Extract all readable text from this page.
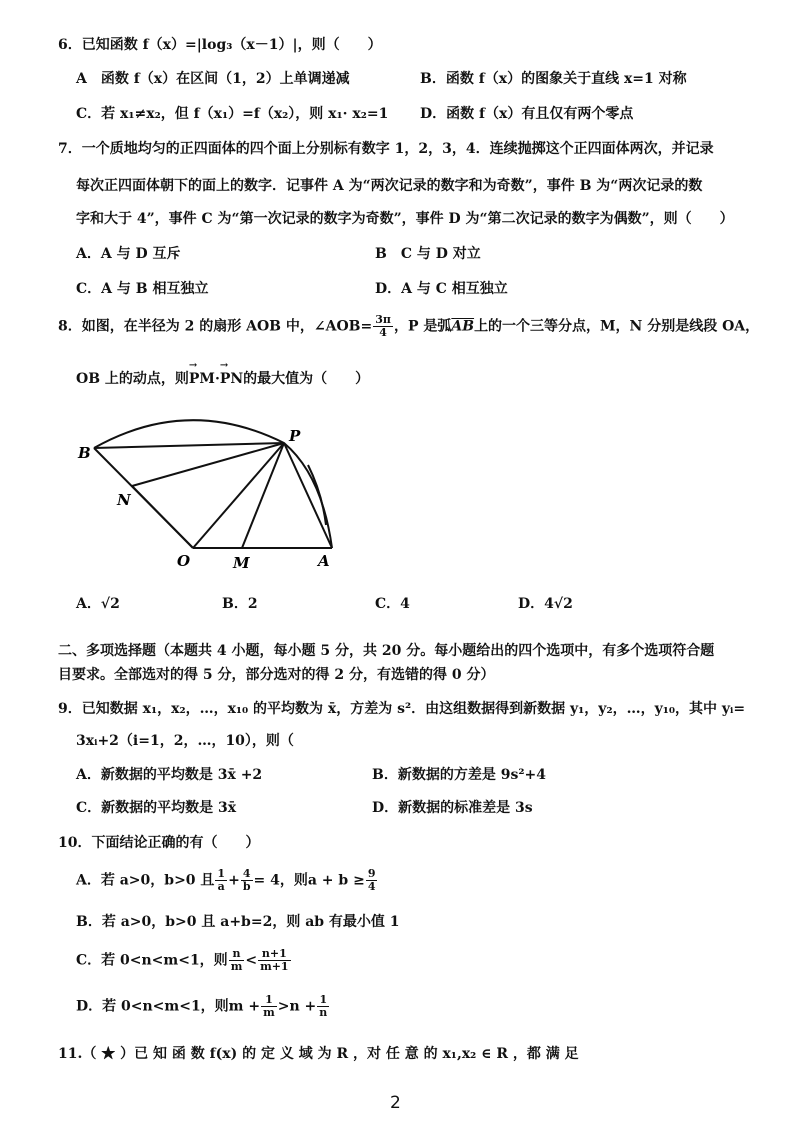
6．已知函数 f（x）=|log₃（x－1）|，则（　　）
A　函数 f（x）在区间（1，2）上单调递减	B．函数 f（x）的图象关于直线 x=1 对称
C．若 x₁≠x₂，但 f（x₁）=f（x₂），则 x₁· x₂=1 D．函数 f（x）有且仅有两个零点
7．一个质地均匀的正四面体的四个面上分别标有数字 1，2，3，4．连续抛掷这个正四面体两次，并记录
每次正四面体朝下的面上的数字．记事件 A 为“两次记录的数字和为奇数”，事件 B 为“两次记录的数
字和大于 4”，事件 C 为“第一次记录的数字为奇数”，事件 D 为“第二次记录的数字为偶数”，则（　　）
A．A 与 D 互斥	B　C 与 D 对立
C．A 与 B 相互独立	D．A 与 C 相互独立
8．如图，在半径为 2 的扇形 AOB 中，∠AOB= $\frac{3\pi}{4}$ ，P 是弧$\overline{AB}$上的一个三等分点，M，N 分别是线段 OA，
OB 上的动点，则→ PM·→ PN的最大值为（　　）
B
P
N
O	M	A
A．√2	B．2	C．4	D．4√2
二、多项选择题（本题共 4 小题，每小题 5 分，共 20 分。每小题给出的四个选项中，有多个选项符合题
目要求。全部选对的得 5 分，部分选对的得 2 分，有选错的得 0 分）
9．已知数据 x₁，x₂，…，x₁₀ 的平均数为 x̄，方差为 s²．由这组数据得到新数据 y₁，y₂，…，y₁₀，其中 yᵢ=
3xᵢ+2（i=1，2，…，10），则（
A．新数据的平均数是 3x̄ +2	B．新数据的方差是 9s²+4
C．新数据的平均数是 3x̄	D．新数据的标准差是 3s
10．下面结论正确的有（　　）
A．若 a>0，b>0 且 $\frac{1}{a} + \frac{4}{b} = 4$，则$a + b \ge \frac{9}{4}$
B．若 a>0，b>0 且 a+b=2，则 ab 有最小值 1
C．若 0<n<m<1，则 $\frac{n}{m} < \frac{n+1}{m+1}$
D．若 0<n<m<1，则$m + \frac{1}{m} >n + \frac{1}{n}$
11.（ ★ ）已 知 函 数 f(x) 的 定 义 域 为 R ，对 任 意 的 x₁,x₂ ∈ R ，都 满 足
2
